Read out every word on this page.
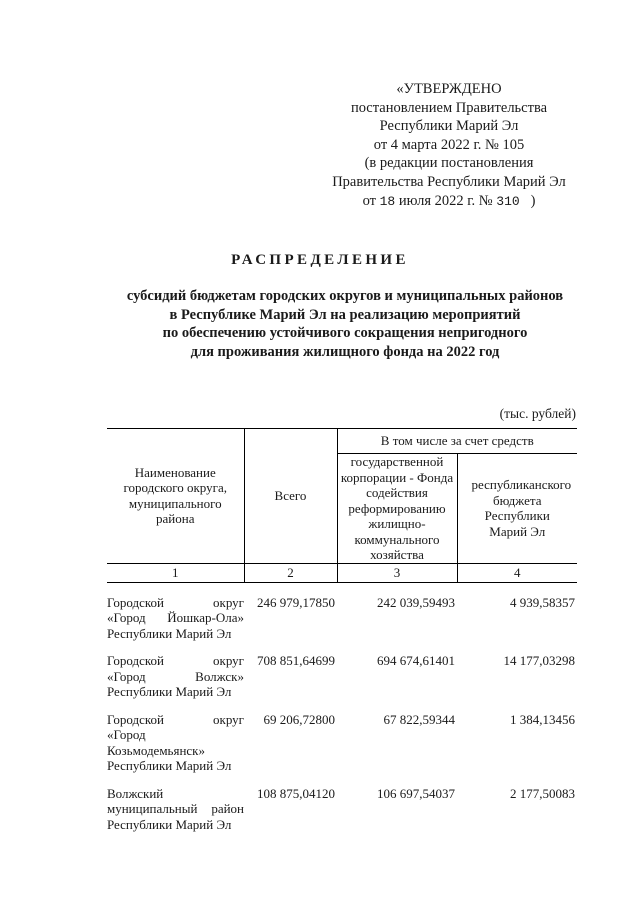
«УТВЕРЖДЕНО
постановлением Правительства
Республики Марий Эл
от 4 марта 2022 г. № 105
(в редакции постановления
Правительства Республики Марий Эл
от 18 июля 2022 г. № 310 )
РАСПРЕДЕЛЕНИЕ
субсидий бюджетам городских округов и муниципальных районов
в Республике Марий Эл на реализацию мероприятий
по обеспечению устойчивого сокращения непригодного
для проживания жилищного фонда на 2022 год
(тыс. рублей)
Наименование городского округа, муниципального района	Всего	В том числе за счет средств	
		государственной корпорации - Фонда содействия реформированию жилищно-коммунального хозяйства	республиканского бюджета Республики Марий Эл
1	2	3	4

Городской округ
«Город Йошкар-Ола»
Республики Марий Эл	246 979,17850	242 039,59493	4 939,58357

Городской округ
«Город Волжск»
Республики Марий Эл	708 851,64699	694 674,61401	14 177,03298

Городской округ
«Город
Козьмодемьянск»
Республики Марий Эл	69 206,72800	67 822,59344	1 384,13456

Волжский
муниципальный район
Республики Марий Эл	108 875,04120	106 697,54037	2 177,50083
